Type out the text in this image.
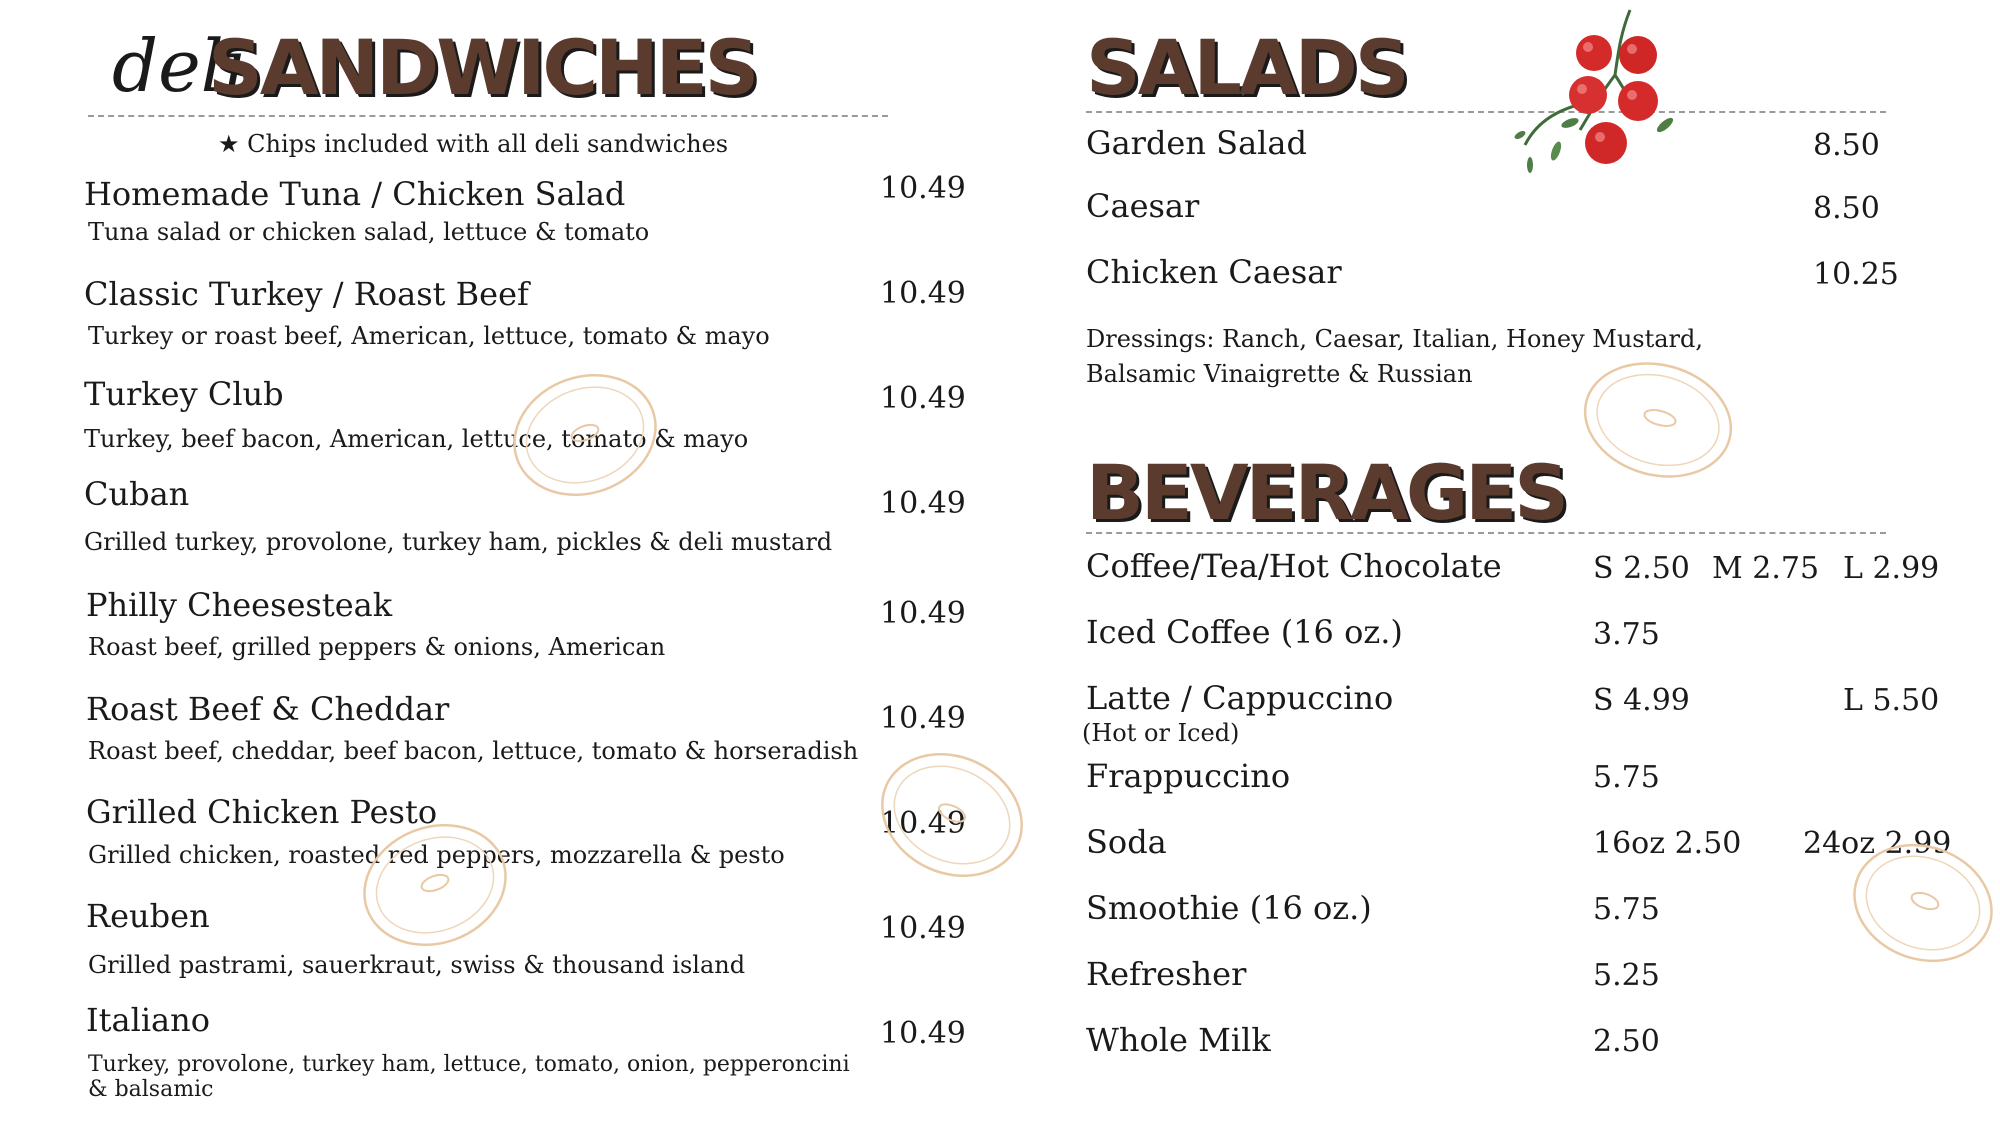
deli
SANDWICHES
★ Chips included with all deli sandwiches
Homemade Tuna / Chicken Salad
Tuna salad or chicken salad, lettuce & tomato
10.49
Classic Turkey / Roast Beef
Turkey or roast beef, American, lettuce, tomato & mayo
10.49
Turkey Club
Turkey, beef bacon, American, lettuce, tomato & mayo
10.49
Cuban
Grilled turkey, provolone, turkey ham, pickles & deli mustard
10.49
Philly Cheesesteak
Roast beef, grilled peppers & onions, American
10.49
Roast Beef & Cheddar
Roast beef, cheddar, beef bacon, lettuce, tomato & horseradish
10.49
Grilled Chicken Pesto
Grilled chicken, roasted red peppers, mozzarella & pesto
10.49
Reuben
Grilled pastrami, sauerkraut, swiss & thousand island
10.49
Italiano
Turkey, provolone, turkey ham, lettuce, tomato, onion, pepperoncini & balsamic
10.49
SALADS
Garden Salad	8.50
Caesar	8.50
Chicken Caesar	10.25
Dressings: Ranch, Caesar, Italian, Honey Mustard, Balsamic Vinaigrette & Russian
BEVERAGES
Coffee/Tea/Hot Chocolate	S 2.50 M 2.75 L 2.99
Iced Coffee (16 oz.)	3.75
Latte / Cappuccino
(Hot or Iced)
S 4.99	L 5.50
Frappuccino	5.75
Soda	16oz 2.50 24oz 2.99
Smoothie (16 oz.)	5.75
Refresher	5.25
Whole Milk	2.50
